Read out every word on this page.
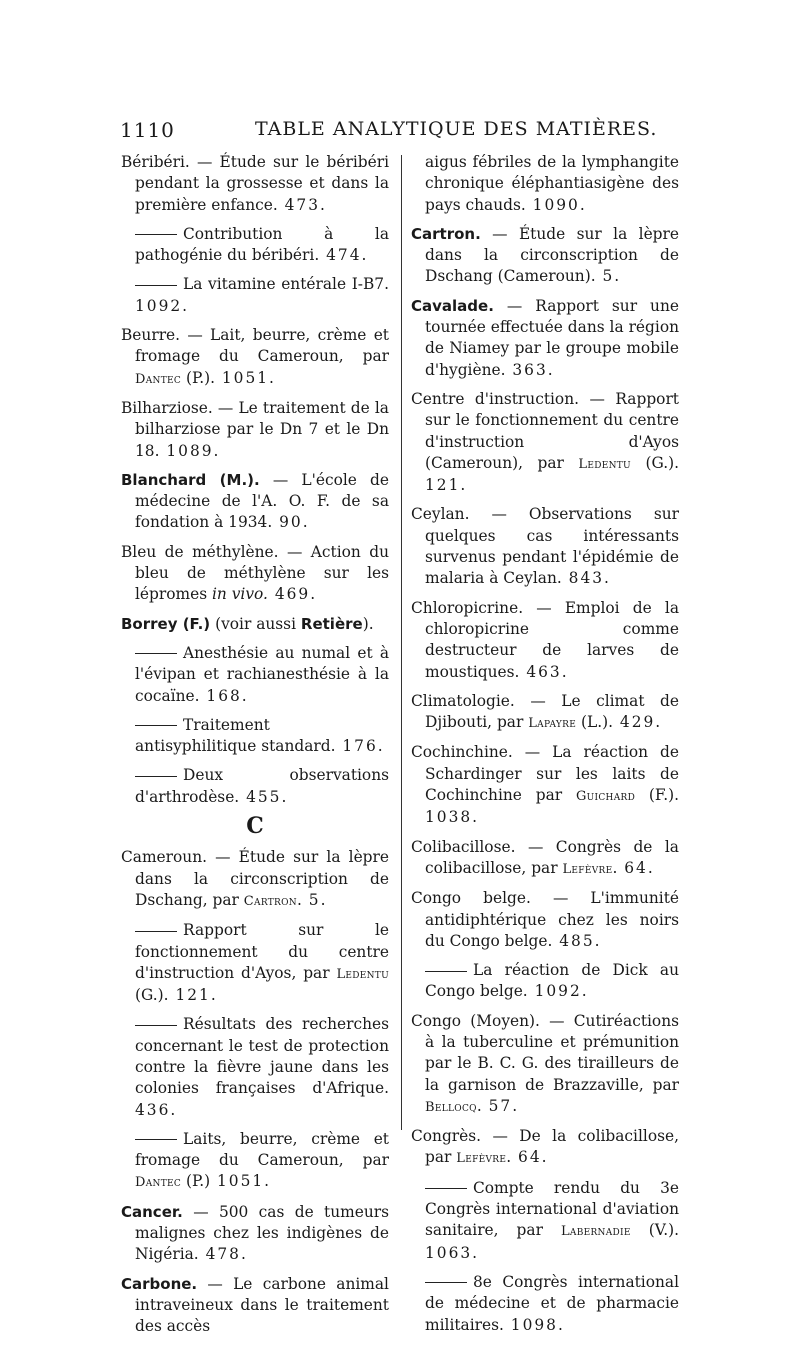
1110	TABLE ANALYTIQUE DES MATIÈRES.

Béribéri. — Étude sur le béribéri pendant la grossesse et dans la première enfance. 473.

Contribution à la pathogénie du béribéri. 474.

La vitamine entérale I-B7. 1092.

Beurre. — Lait, beurre, crème et fromage du Cameroun, par Dantec (P.). 1051.

Bilharziose. — Le traitement de la bilharziose par le Dn 7 et le Dn 18. 1089.

Blanchard (M.). — L'école de médecine de l'A. O. F. de sa fondation à 1934. 90.

Bleu de méthylène. — Action du bleu de méthylène sur les lépromes in vivo. 469.

Borrey (F.) (voir aussi Retière).

Anesthésie au numal et à l'évipan et rachianesthésie à la cocaïne. 168.

Traitement antisyphilitique standard. 176.

Deux observations d'arthrodèse. 455.

C

Cameroun. — Étude sur la lèpre dans la circonscription de Dschang, par Cartron. 5.

Rapport sur le fonctionnement du centre d'instruction d'Ayos, par Ledentu (G.). 121.

Résultats des recherches concernant le test de protection contre la fièvre jaune dans les colonies françaises d'Afrique. 436.

Laits, beurre, crème et fromage du Cameroun, par Dantec (P.) 1051.

Cancer. — 500 cas de tumeurs malignes chez les indigènes de Nigéria. 478.

Carbone. — Le carbone animal intraveineux dans le traitement des accès

aigus fébriles de la lymphangite chronique éléphantiasigène des pays chauds. 1090.

Cartron. — Étude sur la lèpre dans la circonscription de Dschang (Cameroun). 5.

Cavalade. — Rapport sur une tournée effectuée dans la région de Niamey par le groupe mobile d'hygiène. 363.

Centre d'instruction. — Rapport sur le fonctionnement du centre d'instruction d'Ayos (Cameroun), par Ledentu (G.). 121.

Ceylan. — Observations sur quelques cas intéressants survenus pendant l'épidémie de malaria à Ceylan. 843.

Chloropicrine. — Emploi de la chloropicrine comme destructeur de larves de moustiques. 463.

Climatologie. — Le climat de Djibouti, par Lapayre (L.). 429.

Cochinchine. — La réaction de Schardinger sur les laits de Cochinchine par Guichard (F.). 1038.

Colibacillose. — Congrès de la colibacillose, par Lefèvre. 64.

Congo belge. — L'immunité antidiphtérique chez les noirs du Congo belge. 485.

La réaction de Dick au Congo belge. 1092.

Congo (Moyen). — Cutiréactions à la tuberculine et prémunition par le B. C. G. des tirailleurs de la garnison de Brazzaville, par Bellocq. 57.

Congrès. — De la colibacillose, par Lefèvre. 64.

Compte rendu du 3e Congrès international d'aviation sanitaire, par Labernadie (V.). 1063.

8e Congrès international de médecine et de pharmacie militaires. 1098.
